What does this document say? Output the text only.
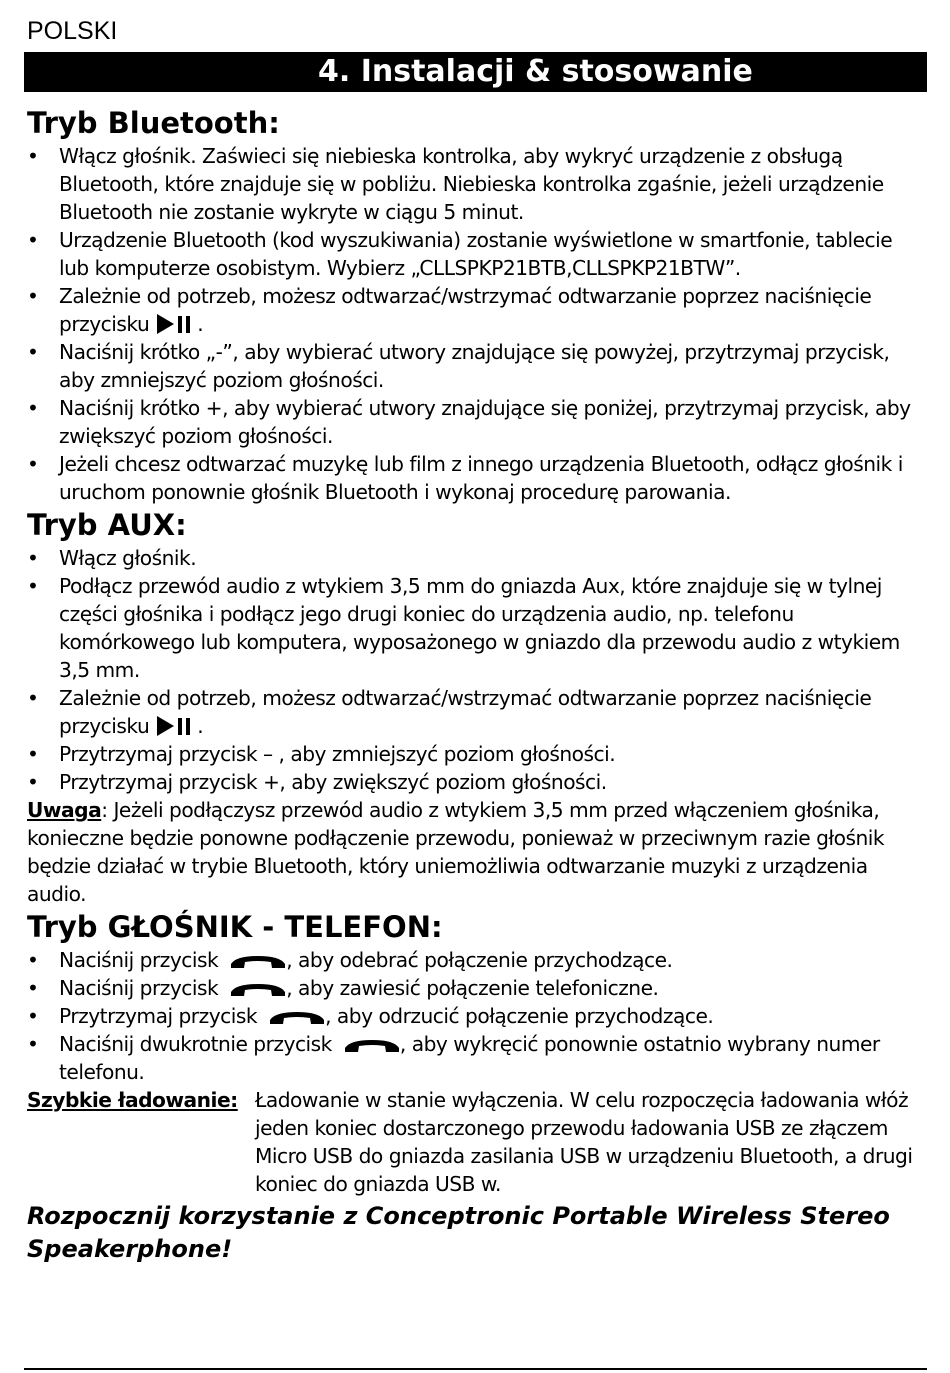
POLSKI
4. Instalacji & stosowanie
Tryb Bluetooth:
• Włącz głośnik. Zaświeci się niebieska kontrolka, aby wykryć urządzenie z obsługą Bluetooth, które znajduje się w pobliżu. Niebieska kontrolka zgaśnie, jeżeli urządzenie Bluetooth nie zostanie wykryte w ciągu 5 minut.
• Urządzenie Bluetooth (kod wyszukiwania) zostanie wyświetlone w smartfonie, tablecie lub komputerze osobistym. Wybierz „CLLSPKP21BTB,CLLSPKP21BTW”.
• Zależnie od potrzeb, możesz odtwarzać/wstrzymać odtwarzanie poprzez naciśnięcie przycisku .
• Naciśnij krótko „-”, aby wybierać utwory znajdujące się powyżej, przytrzymaj przycisk, aby zmniejszyć poziom głośności.
• Naciśnij krótko +, aby wybierać utwory znajdujące się poniżej, przytrzymaj przycisk, aby zwiększyć poziom głośności.
• Jeżeli chcesz odtwarzać muzykę lub film z innego urządzenia Bluetooth, odłącz głośnik i uruchom ponownie głośnik Bluetooth i wykonaj procedurę parowania.
Tryb AUX:
• Włącz głośnik.
• Podłącz przewód audio z wtykiem 3,5 mm do gniazda Aux, które znajduje się w tylnej części głośnika i podłącz jego drugi koniec do urządzenia audio, np. telefonu komórkowego lub komputera, wyposażonego w gniazdo dla przewodu audio z wtykiem 3,5 mm.
• Zależnie od potrzeb, możesz odtwarzać/wstrzymać odtwarzanie poprzez naciśnięcie przycisku .
• Przytrzymaj przycisk – , aby zmniejszyć poziom głośności.
• Przytrzymaj przycisk +, aby zwiększyć poziom głośności.
Uwaga: Jeżeli podłączysz przewód audio z wtykiem 3,5 mm przed włączeniem głośnika, konieczne będzie ponowne podłączenie przewodu, ponieważ w przeciwnym razie głośnik będzie działać w trybie Bluetooth, który uniemożliwia odtwarzanie muzyki z urządzenia audio.
Tryb GŁOŚNIK - TELEFON:
• Naciśnij przycisk	, aby odebrać połączenie przychodzące.
• Naciśnij przycisk	, aby zawiesić połączenie telefoniczne.
• Przytrzymaj przycisk	, aby odrzucić połączenie przychodzące.
• Naciśnij dwukrotnie przycisk	, aby wykręcić ponownie ostatnio wybrany numer telefonu.
Szybkie ładowanie: Ładowanie w stanie wyłączenia. W celu rozpoczęcia ładowania włóż jeden koniec dostarczonego przewodu ładowania USB ze złączem Micro USB do gniazda zasilania USB w urządzeniu Bluetooth, a drugi koniec do gniazda USB w.
Rozpocznij korzystanie z Conceptronic Portable Wireless Stereo Speakerphone!
